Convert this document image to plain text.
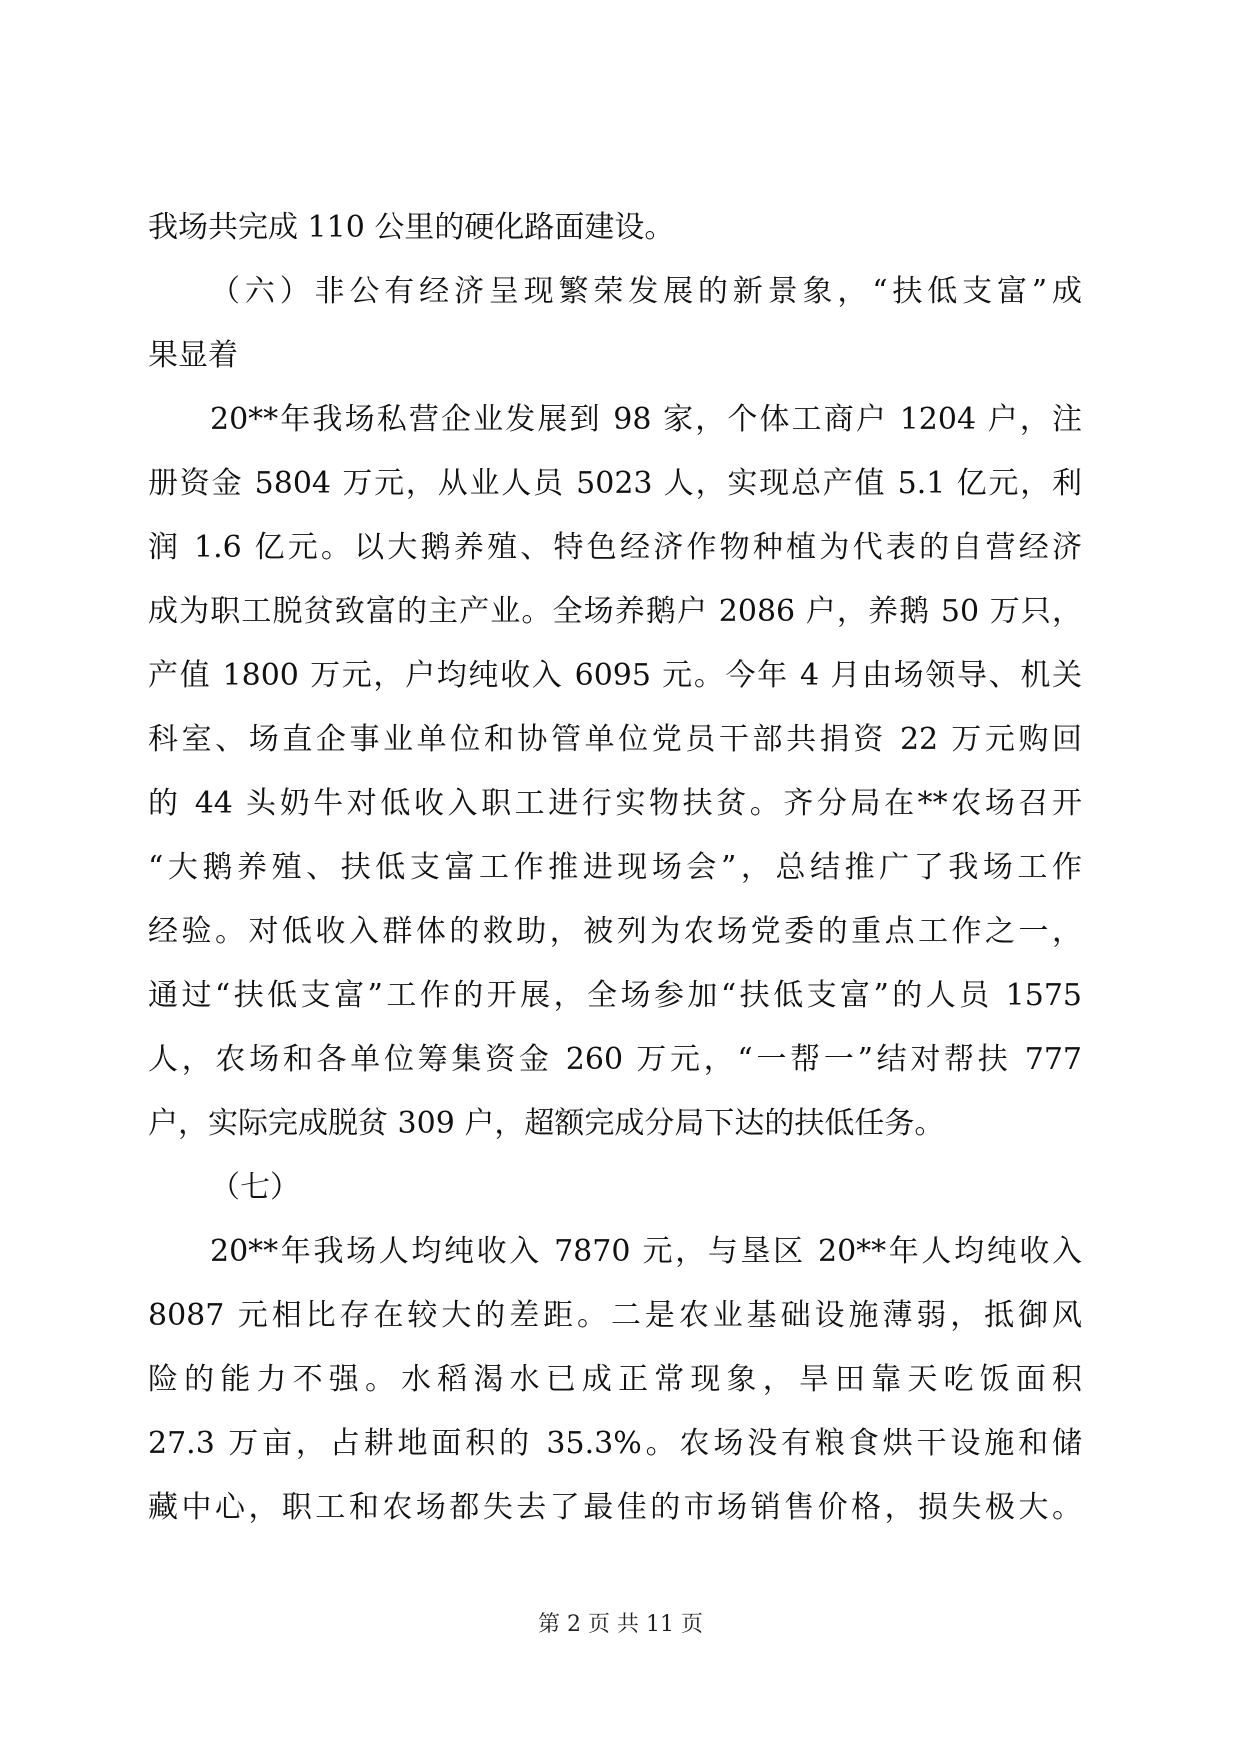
我场共完成 110 公里的硬化路面建设。
（六）非公有经济呈现繁荣发展的新景象，“扶低支富”成
果显着
20**年我场私营企业发展到 98 家，个体工商户 1204 户，注
册资金 5804 万元，从业人员 5023 人，实现总产值 5.1 亿元，利
润 1.6 亿元。以大鹅养殖、特色经济作物种植为代表的自营经济
成为职工脱贫致富的主产业。全场养鹅户 2086 户，养鹅 50 万只，
产值 1800 万元，户均纯收入 6095 元。今年 4 月由场领导、机关
科室、场直企事业单位和协管单位党员干部共捐资 22 万元购回
的 44 头奶牛对低收入职工进行实物扶贫。齐分局在**农场召开
“大鹅养殖、扶低支富工作推进现场会”，总结推广了我场工作
经验。对低收入群体的救助，被列为农场党委的重点工作之一，
通过“扶低支富”工作的开展，全场参加“扶低支富”的人员 1575
人，农场和各单位筹集资金 260 万元，“一帮一”结对帮扶 777
户，实际完成脱贫 309 户，超额完成分局下达的扶低任务。
（七）
20**年我场人均纯收入 7870 元，与垦区 20**年人均纯收入
8087 元相比存在较大的差距。二是农业基础设施薄弱，抵御风
险的能力不强。水稻渴水已成正常现象，旱田靠天吃饭面积
27.3 万亩，占耕地面积的 35.3%。农场没有粮食烘干设施和储
藏中心，职工和农场都失去了最佳的市场销售价格，损失极大。
第 2 页 共 11 页
